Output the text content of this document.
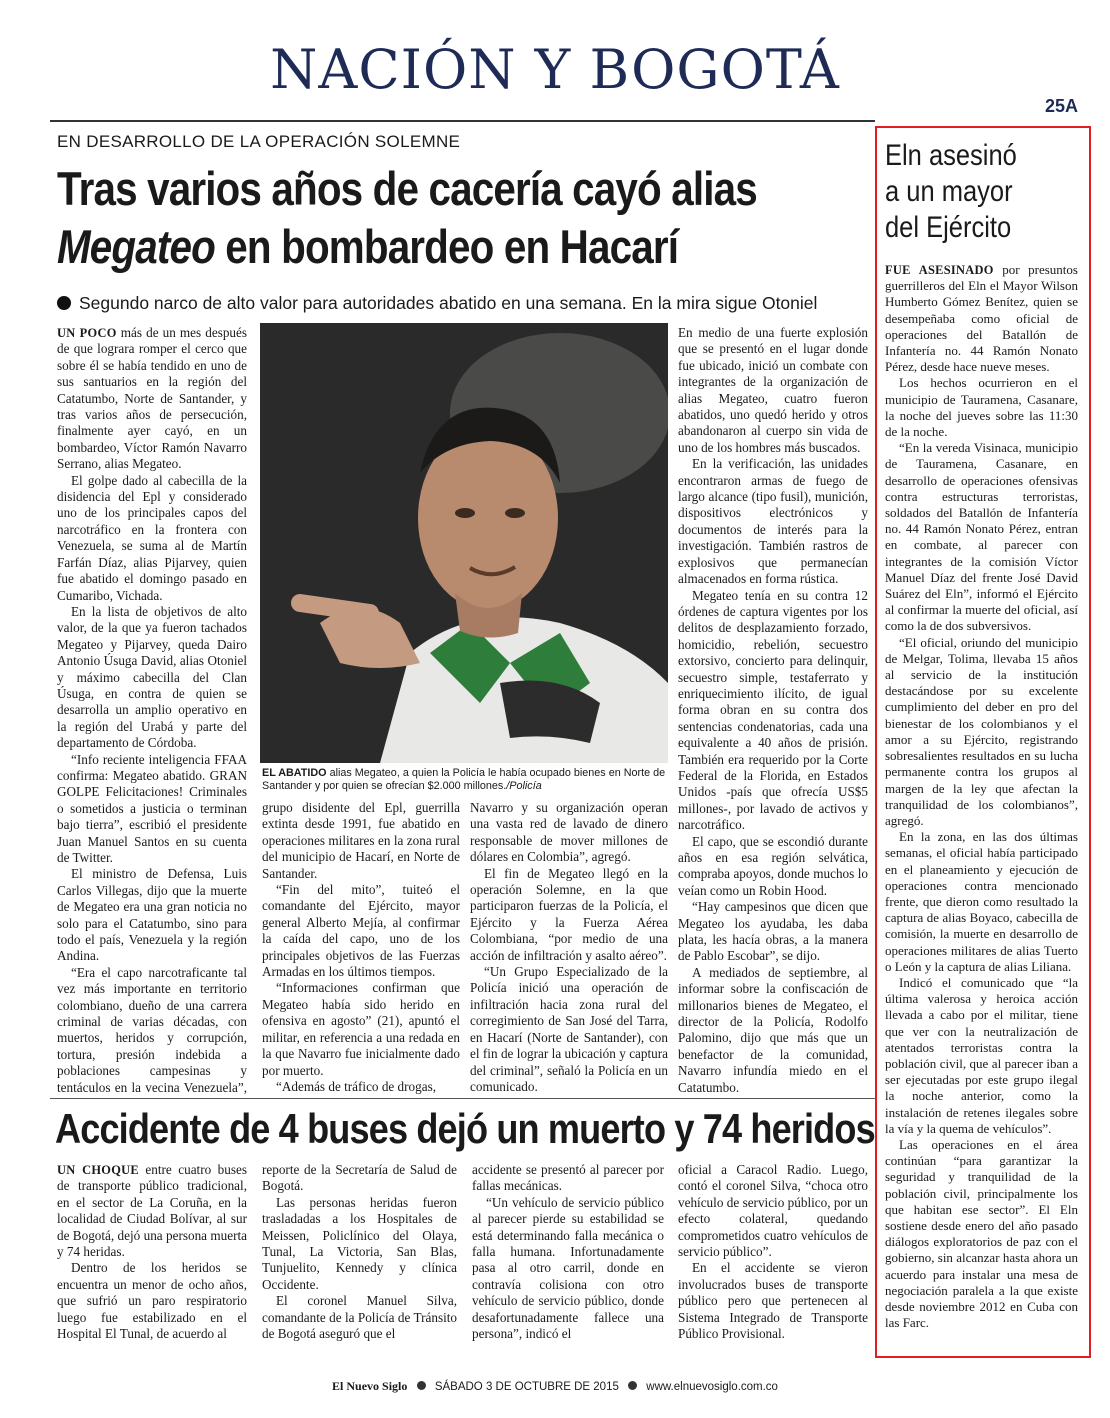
NACIÓN Y BOGOTÁ
25A
EN DESARROLLO DE LA OPERACIÓN SOLEMNE
Tras varios años de cacería cayó alias
Megateo en bombardeo en Hacarí
Segundo narco de alto valor para autoridades abatido en una semana. En la mira sigue Otoniel

UN POCO más de un mes después de que lograra romper el cerco que sobre él se había tendido en uno de sus santuarios en la región del Catatumbo, Norte de Santander, y tras varios años de persecución, finalmente ayer cayó, en un bombardeo, Víctor Ramón Navarro Serrano, alias Megateo.

El golpe dado al cabecilla de la disidencia del Epl y considerado uno de los principales capos del narcotráfico en la frontera con Venezuela, se suma al de Martín Farfán Díaz, alias Pijarvey, quien fue abatido el domingo pasado en Cumaribo, Vichada.

En la lista de objetivos de alto valor, de la que ya fueron tachados Megateo y Pijarvey, queda Dairo Antonio Úsuga David, alias Otoniel y máximo cabecilla del Clan Úsuga, en contra de quien se desarrolla un amplio operativo en la región del Urabá y parte del departamento de Córdoba.

“Info reciente inteligencia FFAA confirma: Megateo abatido. GRAN GOLPE Felicitaciones! Criminales o sometidos a justicia o terminan bajo tierra”, escribió el presidente Juan Manuel Santos en su cuenta de Twitter.

El ministro de Defensa, Luis Carlos Villegas, dijo que la muerte de Megateo era una gran noticia no solo para el Catatumbo, sino para todo el país, Venezuela y la región Andina.

“Era el capo narcotraficante tal vez más importante en territorio colombiano, dueño de una carrera criminal de varias décadas, con muertos, heridos y corrupción, tortura, presión indebida a poblaciones campesinas y tentáculos en la vecina Venezuela”,

EL ABATIDO alias Megateo, a quien la Policía le había ocupado bienes en Norte de Santander y por quien se ofrecían $2.000 millones./Policía

grupo disidente del Epl, guerrilla extinta desde 1991, fue abatido en operaciones militares en la zona rural del municipio de Hacarí, en Norte de Santander.

“Fin del mito”, tuiteó el comandante del Ejército, mayor general Alberto Mejía, al confirmar la caída del capo, uno de los principales objetivos de las Fuerzas Armadas en los últimos tiempos.

“Informaciones confirman que Megateo había sido herido en ofensiva en agosto” (21), apuntó el militar, en referencia a una redada en la que Navarro fue inicialmente dado por muerto.

“Además de tráfico de drogas,

Navarro y su organización operan una vasta red de lavado de dinero responsable de mover millones de dólares en Colombia”, agregó.

El fin de Megateo llegó en la operación Solemne, en la que participaron fuerzas de la Policía, el Ejército y la Fuerza Aérea Colombiana, “por medio de una acción de infiltración y asalto aéreo”.

“Un Grupo Especializado de la Policía inició una operación de infiltración hacia zona rural del corregimiento de San José del Tarra, en Hacarí (Norte de Santander), con el fin de lograr la ubicación y captura del criminal”, señaló la Policía en un comunicado.

En medio de una fuerte explosión que se presentó en el lugar donde fue ubicado, inició un combate con integrantes de la organización de alias Megateo, cuatro fueron abatidos, uno quedó herido y otros abandonaron al cuerpo sin vida de uno de los hombres más buscados.

En la verificación, las unidades encontraron armas de fuego de largo alcance (tipo fusil), munición, dispositivos electrónicos y documentos de interés para la investigación. También rastros de explosivos que permanecían almacenados en forma rústica.

Megateo tenía en su contra 12 órdenes de captura vigentes por los delitos de desplazamiento forzado, homicidio, rebelión, secuestro extorsivo, concierto para delinquir, secuestro simple, testaferrato y enriquecimiento ilícito, de igual forma obran en su contra dos sentencias condenatorias, cada una equivalente a 40 años de prisión. También era requerido por la Corte Federal de la Florida, en Estados Unidos -país que ofrecía US$5 millones-, por lavado de activos y narcotráfico.

El capo, que se escondió durante años en esa región selvática, compraba apoyos, donde muchos lo veían como un Robin Hood.

“Hay campesinos que dicen que Megateo los ayudaba, les daba plata, les hacía obras, a la manera de Pablo Escobar”, se dijo.

A mediados de septiembre, al informar sobre la confiscación de millonarios bienes de Megateo, el director de la Policía, Rodolfo Palomino, dijo que más que un benefactor de la comunidad, Navarro infundía miedo en el Catatumbo.

Eln asesinó
a un mayor
del Ejército

FUE ASESINADO por presuntos guerrilleros del Eln el Mayor Wilson Humberto Gómez Benítez, quien se desempeñaba como oficial de operaciones del Batallón de Infantería no. 44 Ramón Nonato Pérez, desde hace nueve meses.

Los hechos ocurrieron en el municipio de Tauramena, Casanare, la noche del jueves sobre las 11:30 de la noche.

“En la vereda Visinaca, municipio de Tauramena, Casanare, en desarrollo de operaciones ofensivas contra estructuras terroristas, soldados del Batallón de Infantería no. 44 Ramón Nonato Pérez, entran en combate, al parecer con integrantes de la comisión Víctor Manuel Díaz del frente José David Suárez del Eln”, informó el Ejército al confirmar la muerte del oficial, así como la de dos subversivos.

“El oficial, oriundo del municipio de Melgar, Tolima, llevaba 15 años al servicio de la institución destacándose por su excelente cumplimiento del deber en pro del bienestar de los colombianos y el amor a su Ejército, registrando sobresalientes resultados en su lucha permanente contra los grupos al margen de la ley que afectan la tranquilidad de los colombianos”, agregó.

En la zona, en las dos últimas semanas, el oficial había participado en el planeamiento y ejecución de operaciones contra mencionado frente, que dieron como resultado la captura de alias Boyaco, cabecilla de comisión, la muerte en desarrollo de operaciones militares de alias Tuerto o León y la captura de alias Liliana.

Indicó el comunicado que “la última valerosa y heroica acción llevada a cabo por el militar, tiene que ver con la neutralización de atentados terroristas contra la población civil, que al parecer iban a ser ejecutadas por este grupo ilegal la noche anterior, como la instalación de retenes ilegales sobre la vía y la quema de vehículos”.

Las operaciones en el área continúan “para garantizar la seguridad y tranquilidad de la población civil, principalmente los que habitan ese sector”. El Eln sostiene desde enero del año pasado diálogos exploratorios de paz con el gobierno, sin alcanzar hasta ahora un acuerdo para instalar una mesa de negociación paralela a la que existe desde noviembre 2012 en Cuba con las Farc.

Accidente de 4 buses dejó un muerto y 74 heridos

UN CHOQUE entre cuatro buses de transporte público tradicional, en el sector de La Coruña, en la localidad de Ciudad Bolívar, al sur de Bogotá, dejó una persona muerta y 74 heridas.

Dentro de los heridos se encuentra un menor de ocho años, que sufrió un paro respiratorio luego fue estabilizado en el Hospital El Tunal, de acuerdo al

reporte de la Secretaría de Salud de Bogotá.

Las personas heridas fueron trasladadas a los Hospitales de Meissen, Policlínico del Olaya, Tunal, La Victoria, San Blas, Tunjuelito, Kennedy y clínica Occidente.

El coronel Manuel Silva, comandante de la Policía de Tránsito de Bogotá aseguró que el

accidente se presentó al parecer por fallas mecánicas.

“Un vehículo de servicio público al parecer pierde su estabilidad se está determinando falla mecánica o falla humana. Infortunadamente pasa al otro carril, donde en contravía colisiona con otro vehículo de servicio público, donde desafortunadamente fallece una persona”, indicó el

oficial a Caracol Radio. Luego, contó el coronel Silva, “choca otro vehículo de servicio público, por un efecto colateral, quedando comprometidos cuatro vehículos de servicio público”.

En el accidente se vieron involucrados buses de transporte público pero que pertenecen al Sistema Integrado de Transporte Público Provisional.

El Nuevo Siglo SÁBADO 3 DE OCTUBRE DE 2015 www.elnuevosiglo.com.co
